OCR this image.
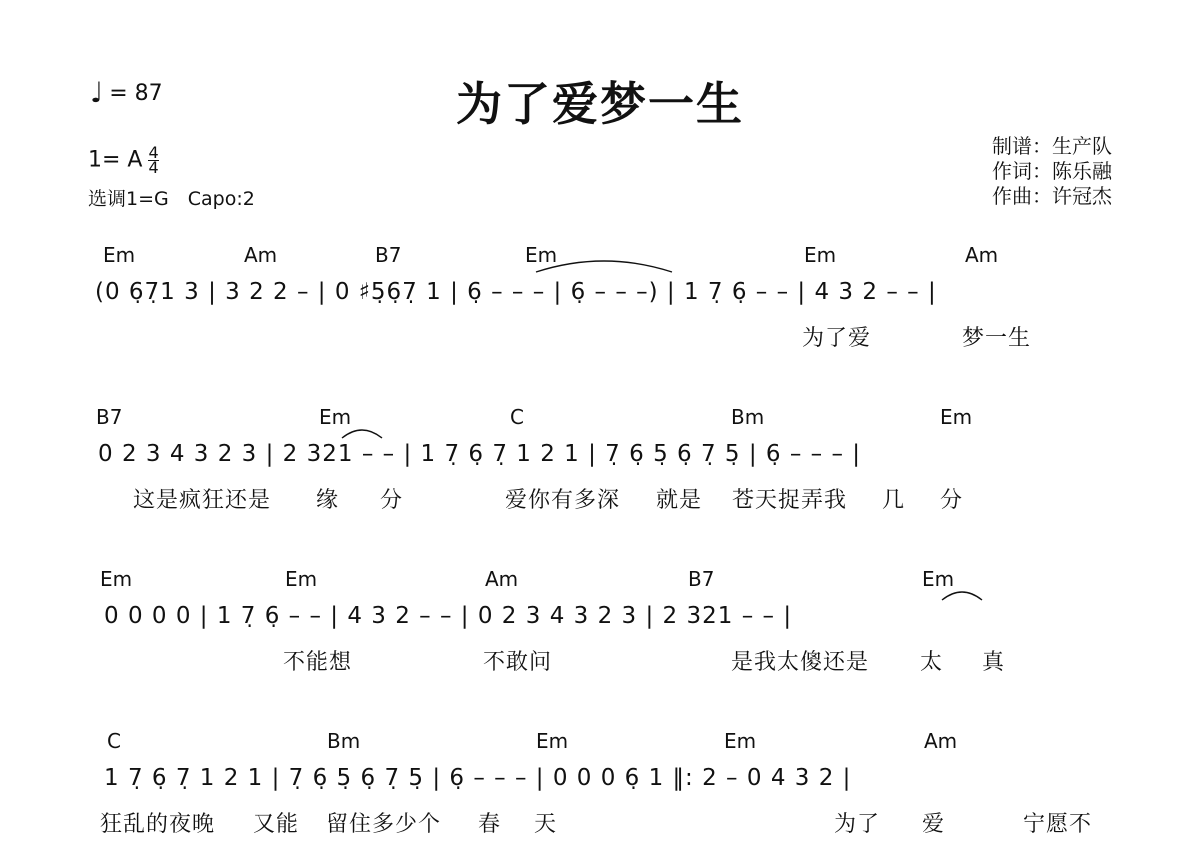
为了爱梦一生
♩ = 87
1= A $\frac{4}{4}$
选调1=G　Capo:2
制谱：生产队
作词：陈乐融
作曲：许冠杰
Em	Am	B7	Em	Em	Am
(0 6̣7̣1 3 | 3 2 2 – | 0 ♯5̣6̣7̣ 1 | 6̣ – – – | 6̣ – – –) | 1 7̣ 6̣ – – | 4 3 2 – – |
为了爱	梦一生
B7	Em	C	Bm	Em
0 2 3 4 3 2 3 | 2 321 – – | 1 7̣ 6̣ 7̣ 1 2 1 | 7̣ 6̣ 5̣ 6̣ 7̣ 5̣ | 6̣ – – – |
这是疯狂还是 缘 分	爱你有多深 就是 苍天捉弄我 几 分
Em	Em	Am	B7	Em
0 0 0 0 | 1 7̣ 6̣ – – | 4 3 2 – – | 0 2 3 4 3 2 3 | 2 321 – – |
不能想	不敢问	是我太傻还是 太 真
C	Bm	Em	Em	Am
1 7̣ 6̣ 7̣ 1 2 1 | 7̣ 6̣ 5̣ 6̣ 7̣ 5̣ | 6̣ – – – | 0 0 0 6̣ 1 ‖: 2 – 0 4 3 2 |
狂乱的夜晚 又能 留住多少个 春 天	为了 爱	宁愿不
